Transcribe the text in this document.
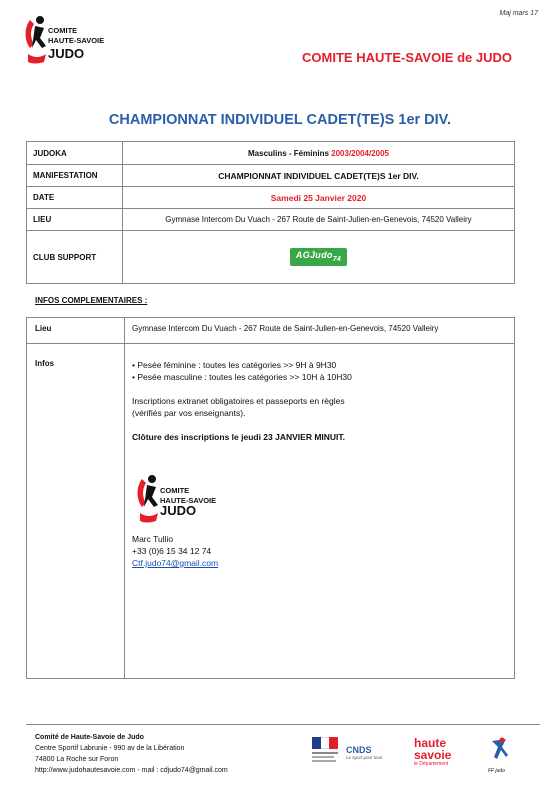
Maj mars 17
COMITE
HAUTE-SAVOIE
JUDO	COMITE HAUTE-SAVOIE de JUDO
CHAMPIONNAT INDIVIDUEL CADET(TE)S 1er DIV.
JUDOKA	Masculins - Féminins 2003/2004/2005
MANIFESTATION	CHAMPIONNAT INDIVIDUEL CADET(TE)S 1er DIV.
DATE	Samedi 25 Janvier 2020
LIEU	Gymnase Intercom Du Vuach - 267 Route de Saint-Julien-en-Genevois, 74520 Valleiry
CLUB SUPPORT	AGJudo$_{74}$
INFOS COMPLEMENTAIRES :
Lieu	Gymnase Intercom Du Vuach - 267 Route de Saint-Julien-en-Genevois, 74520 Valleiry
Infos	• Pesée féminine : toutes les catégories >> 9H à 9H30
• Pesée masculine : toutes les catégories >> 10H à 10H30

Inscriptions extranet obligatoires et passeports en règles

(vérifiés par vos enseignants).

Clôture des inscriptions le jeudi 23 JANVIER MINUIT.

COMITE
HAUTE-SAVOIE
JUDO

Marc Tullio

+33 (0)6 15 34 12 74

Ctf.judo74@gmail.com

Comité de Haute-Savoie de Judo
Centre Sportif Labrunie - 990 av de la Libération
74800 La Roche sur Foron
http://www.judohautesavoie.com - mail : cdjudo74@gmail.com
CNDS
Le sport pour tous
haute
savoie
le Département
FF judo
